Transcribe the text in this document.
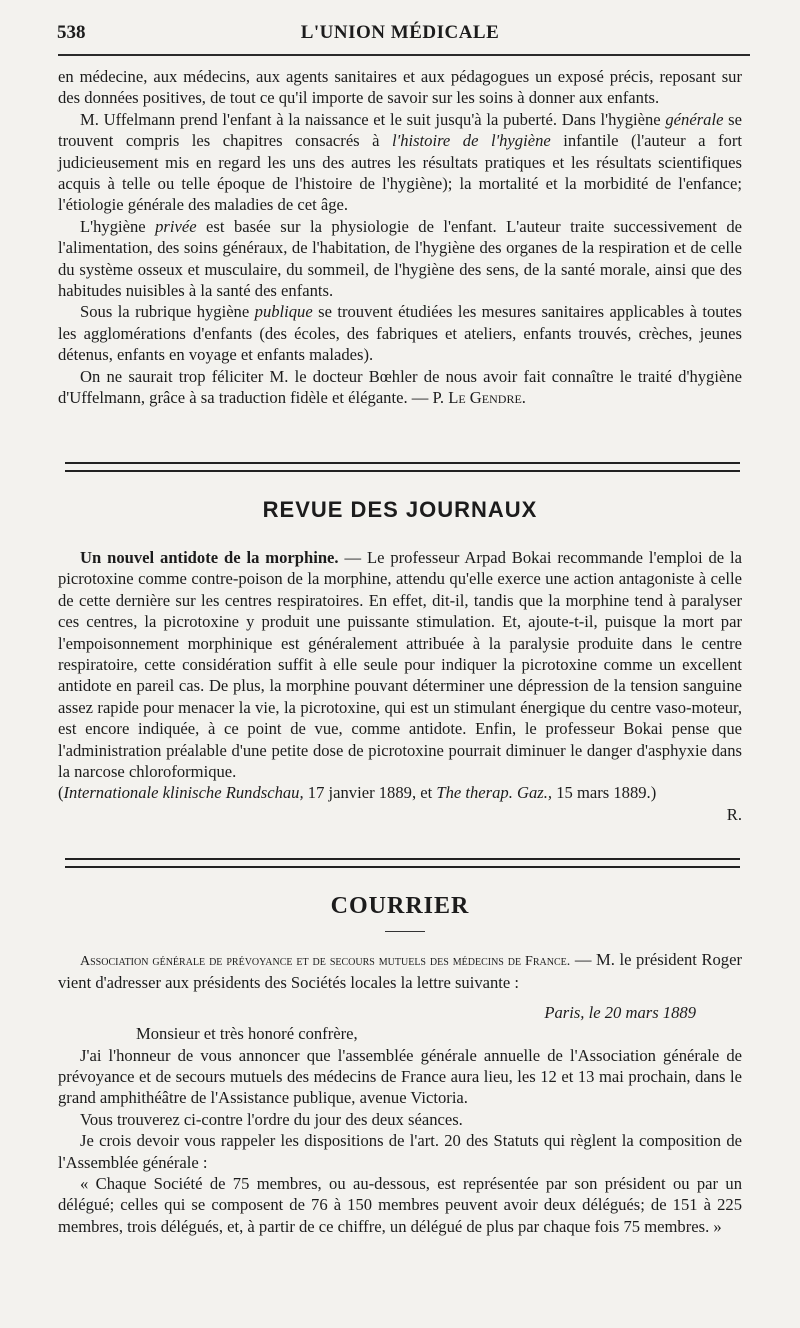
538	L'UNION MÉDICALE

en médecine, aux médecins, aux agents sanitaires et aux pédagogues un exposé précis, reposant sur des données positives, de tout ce qu'il importe de savoir sur les soins à donner aux enfants.

M. Uffelmann prend l'enfant à la naissance et le suit jusqu'à la puberté. Dans l'hygiène générale se trouvent compris les chapitres consacrés à l'histoire de l'hygiène infantile (l'auteur a fort judicieusement mis en regard les uns des autres les résultats pratiques et les résultats scientifiques acquis à telle ou telle époque de l'histoire de l'hygiène); la mortalité et la morbidité de l'enfance; l'étiologie générale des maladies de cet âge.

L'hygiène privée est basée sur la physiologie de l'enfant. L'auteur traite successivement de l'alimentation, des soins généraux, de l'habitation, de l'hygiène des organes de la respiration et de celle du système osseux et musculaire, du sommeil, de l'hygiène des sens, de la santé morale, ainsi que des habitudes nuisibles à la santé des enfants.

Sous la rubrique hygiène publique se trouvent étudiées les mesures sanitaires applicables à toutes les agglomérations d'enfants (des écoles, des fabriques et ateliers, enfants trouvés, crèches, jeunes détenus, enfants en voyage et enfants malades).

On ne saurait trop féliciter M. le docteur Bœhler de nous avoir fait connaître le traité d'hygiène d'Uffelmann, grâce à sa traduction fidèle et élégante. — P. Le Gendre.

REVUE DES JOURNAUX

Un nouvel antidote de la morphine. — Le professeur Arpad Bokai recommande l'emploi de la picrotoxine comme contre-poison de la morphine, attendu qu'elle exerce une action antagoniste à celle de cette dernière sur les centres respiratoires. En effet, dit-il, tandis que la morphine tend à paralyser ces centres, la picrotoxine y produit une puissante stimulation. Et, ajoute-t-il, puisque la mort par l'empoisonnement morphinique est généralement attribuée à la paralysie produite dans le centre respiratoire, cette considération suffit à elle seule pour indiquer la picrotoxine comme un excellent antidote en pareil cas. De plus, la morphine pouvant déterminer une dépression de la tension sanguine assez rapide pour menacer la vie, la picrotoxine, qui est un stimulant énergique du centre vaso-moteur, est encore indiquée, à ce point de vue, comme antidote. Enfin, le professeur Bokai pense que l'administration préalable d'une petite dose de picrotoxine pourrait diminuer le danger d'asphyxie dans la narcose chloroformique.

(Internationale klinische Rundschau, 17 janvier 1889, et The therap. Gaz., 15 mars 1889.)

R.

COURRIER

Association générale de prévoyance et de secours mutuels des médecins de France. — M. le président Roger vient d'adresser aux présidents des Sociétés locales la lettre suivante :

Paris, le 20 mars 1889

Monsieur et très honoré confrère,

J'ai l'honneur de vous annoncer que l'assemblée générale annuelle de l'Association générale de prévoyance et de secours mutuels des médecins de France aura lieu, les 12 et 13 mai prochain, dans le grand amphithéâtre de l'Assistance publique, avenue Victoria.

Vous trouverez ci-contre l'ordre du jour des deux séances.

Je crois devoir vous rappeler les dispositions de l'art. 20 des Statuts qui règlent la composition de l'Assemblée générale :

« Chaque Société de 75 membres, ou au-dessous, est représentée par son président ou par un délégué; celles qui se composent de 76 à 150 membres peuvent avoir deux délégués; de 151 à 225 membres, trois délégués, et, à partir de ce chiffre, un délégué de plus par chaque fois 75 membres. »
